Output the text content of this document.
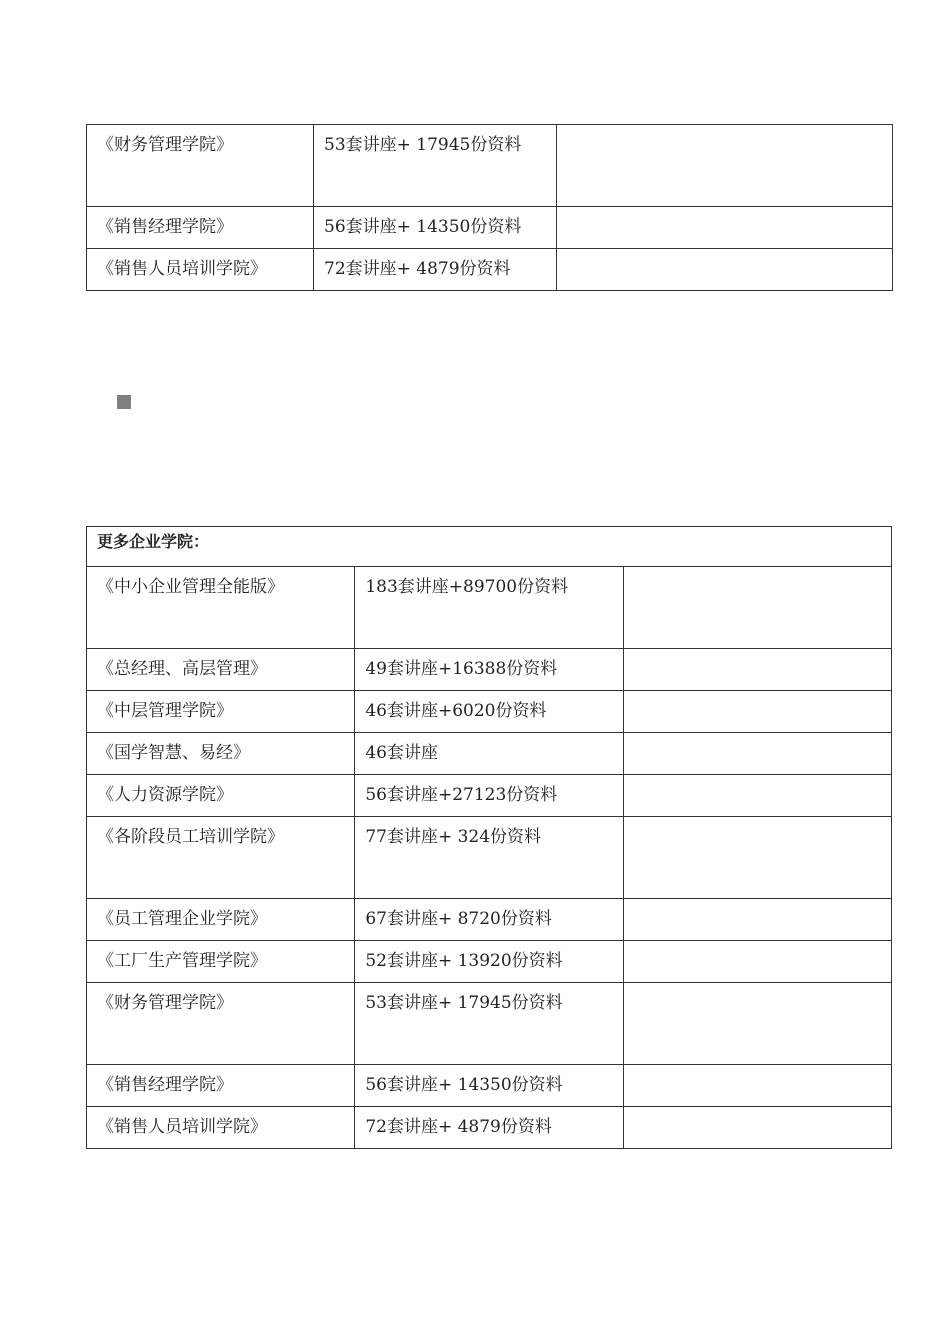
《财务管理学院》	53套讲座+ 17945份资料	
《销售经理学院》	56套讲座+ 14350份资料	
《销售人员培训学院》	72套讲座+ 4879份资料	
更多企业学院：		
《中小企业管理全能版》	183套讲座+89700份资料	
《总经理、高层管理》	49套讲座+16388份资料	
《中层管理学院》	46套讲座+6020份资料	
《国学智慧、易经》	46套讲座	
《人力资源学院》	56套讲座+27123份资料	
《各阶段员工培训学院》	77套讲座+ 324份资料	
《员工管理企业学院》	67套讲座+ 8720份资料	
《工厂生产管理学院》	52套讲座+ 13920份资料	
《财务管理学院》	53套讲座+ 17945份资料	
《销售经理学院》	56套讲座+ 14350份资料	
《销售人员培训学院》	72套讲座+ 4879份资料	
